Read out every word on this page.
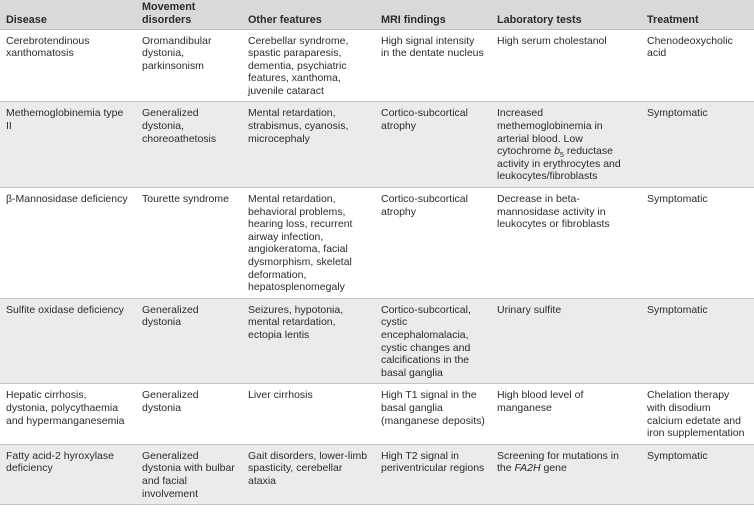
Disease	Movement disorders	Other features	MRI findings	Laboratory tests	Treatment
Cerebrotendinous xanthomatosis	Oromandibular dystonia, parkinsonism	Cerebellar syndrome, spastic paraparesis, dementia, psychiatric features, xanthoma, juvenile cataract	High signal intensity in the dentate nucleus	High serum cholestanol	Chenodeoxycholic acid
Methemoglobinemia type II	Generalized dystonia, choreoathetosis	Mental retardation, strabismus, cyanosis, microcephaly	Cortico-subcortical atrophy	Increased methemoglobinemia in arterial blood. Low cytochrome $b_5$ reductase activity in erythrocytes and leukocytes/fibroblasts	Symptomatic
β-Mannosidase deficiency	Tourette syndrome	Mental retardation, behavioral problems, hearing loss, recurrent airway infection, angiokeratoma, facial dysmorphism, skeletal deformation, hepatosplenomegaly	Cortico-subcortical atrophy	Decrease in beta-mannosidase activity in leukocytes or fibroblasts	Symptomatic
Sulfite oxidase deficiency	Generalized dystonia	Seizures, hypotonia, mental retardation, ectopia lentis	Cortico-subcortical, cystic encephalomalacia, cystic changes and calcifications in the basal ganglia	Urinary sulfite	Symptomatic
Hepatic cirrhosis, dystonia, polycythaemia and hypermanganesemia	Generalized dystonia	Liver cirrhosis	High T1 signal in the basal ganglia (manganese deposits)	High blood level of manganese	Chelation therapy with disodium calcium edetate and iron supplementation
Fatty acid-2 hyroxylase deficiency	Generalized dystonia with bulbar and facial involvement	Gait disorders, lower-limb spasticity, cerebellar ataxia	High T2 signal in periventricular regions	Screening for mutations in the FA2H gene	Symptomatic
